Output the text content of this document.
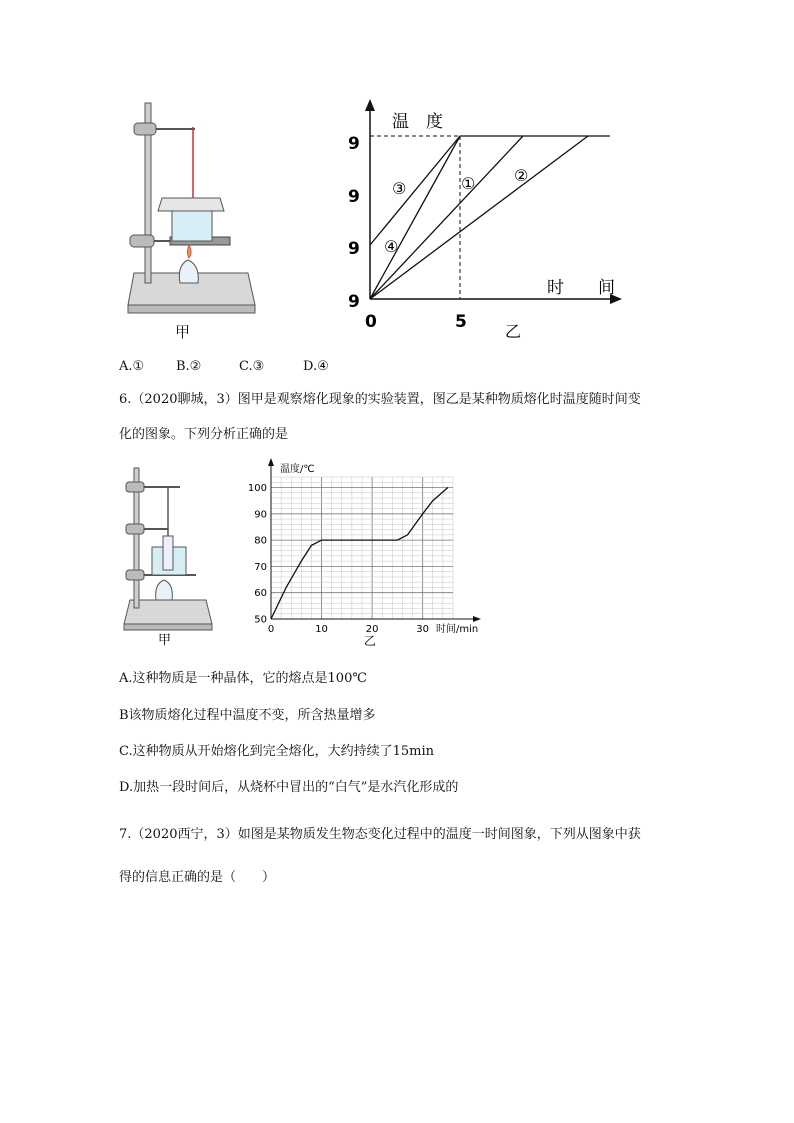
甲
温　度
时　　间
9
9
9
9
0	5 乙
① ②
③
④
A.① B.②	C.③	D.④
6.（2020聊城，3）图甲是观察熔化现象的实验装置，图乙是某种物质熔化时温度随时间变
化的图象。下列分析正确的是
甲
50
60
70
80
90
100
0	10	20	30
温度/℃
时间/min
乙
A.这种物质是一种晶体，它的熔点是100℃
B该物质熔化过程中温度不变，所含热量增多
C.这种物质从开始熔化到完全熔化，大约持续了15min
D.加热一段时间后，从烧杯中冒出的“白气”是水汽化形成的
7.（2020西宁，3）如图是某物质发生物态变化过程中的温度一时间图象，下列从图象中获
得的信息正确的是（　　）
